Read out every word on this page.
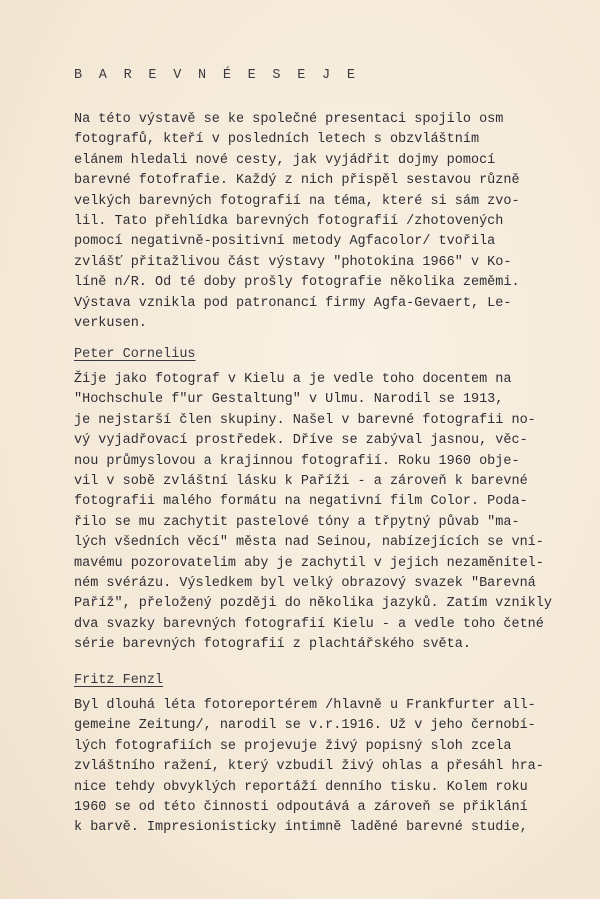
B A R E V N É E S E J E
Na této výstavě se ke společné presentaci spojilo osm
fotografů, kteří v posledních letech s obzvláštním
elánem hledali nové cesty, jak vyjádřit dojmy pomocí
barevné fotofrafie. Každý z nich přispěl sestavou různě
velkých barevných fotografií na téma, které si sám zvo-
lil. Tato přehlídka barevných fotografií /zhotovených
pomocí negativně-positivní metody Agfacolor/ tvořila
zvlášť přitažlivou část výstavy "photokina 1966" v Ko-
líně n/R. Od té doby prošly fotografie několika zeměmi.
Výstava vznikla pod patronancí firmy Agfa-Gevaert, Le-
verkusen.
Peter Cornelius
Žije jako fotograf v Kielu a je vedle toho docentem na
"Hochschule f"ur Gestaltung" v Ulmu. Narodil se 1913,
je nejstarší člen skupiny. Našel v barevné fotografii no-
vý vyjadřovací prostředek. Dříve se zabýval jasnou, věc-
nou průmyslovou a krajinnou fotografií. Roku 1960 obje-
vil v sobě zvláštní lásku k Paříži - a zároveň k barevné
fotografii malého formátu na negativní film Color. Poda-
řilo se mu zachytit pastelové tóny a třpytný půvab "ma-
lých všedních věcí" města nad Seinou, nabízejících se vní-
mavému pozorovatelim aby je zachytil v jejich nezaměnitel-
ném svérázu. Výsledkem byl velký obrazový svazek "Barevná
Paříž", přeložený později do několika jazyků. Zatím vznikly
dva svazky barevných fotografií Kielu - a vedle toho četné
série barevných fotografií z plachtářského světa.
Fritz Fenzl
Byl dlouhá léta fotoreportérem /hlavně u Frankfurter all-
gemeine Zeitung/, narodil se v.r.1916. Už v jeho černobí-
lých fotografiích se projevuje živý popisný sloh zcela
zvláštního ražení, který vzbudil živý ohlas a přesáhl hra-
nice tehdy obvyklých reportáží denního tisku. Kolem roku
1960 se od této činnosti odpoutává a zároveň se přiklání
k barvě. Impresionisticky intimně laděné barevné studie,
